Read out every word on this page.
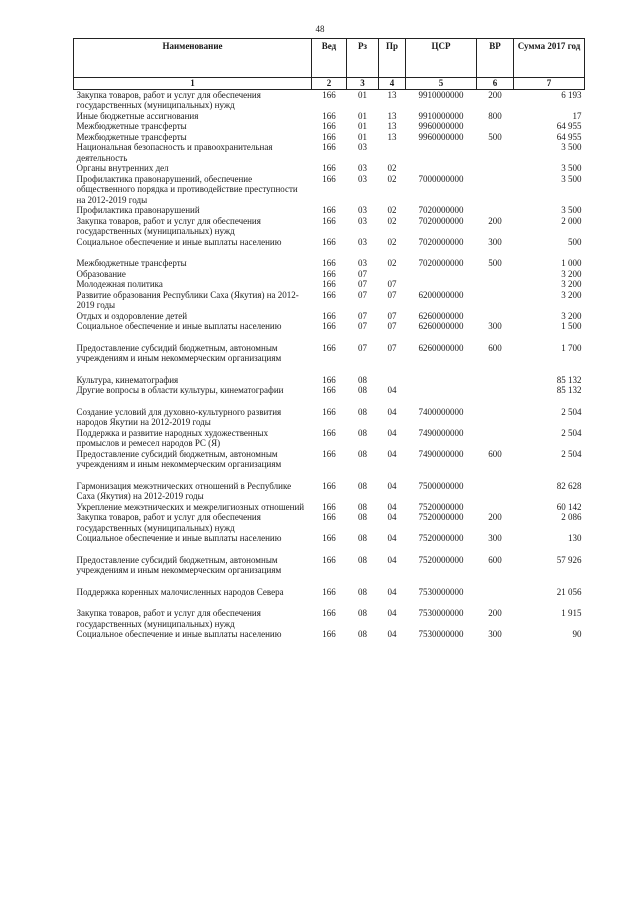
48
Наименование	Вед	Рз	Пр	ЦСР	ВР	Сумма 2017 год
1	2	3	4	5	6	7
Закупка товаров, работ и услуг для обеспечения государственных (муниципальных) нужд	166	01	13	9910000000	200	6 193
Иные бюджетные ассигнования	166	01	13	9910000000	800	17
Межбюджетные трансферты	166	01	13	9960000000		64 955
Межбюджетные трансферты	166	01	13	9960000000	500	64 955
Национальная безопасность и правоохранительная деятельность	166	03				3 500
Органы внутренних дел	166	03	02			3 500
Профилактика правонарушений, обеспечение общественного порядка и противодействие преступности на 2012-2019 годы	166	03	02	7000000000		3 500
Профилактика правонарушений	166	03	02	7020000000		3 500
Закупка товаров, работ и услуг для обеспечения государственных (муниципальных) нужд	166	03	02	7020000000	200	2 000
Социальное обеспечение и иные выплаты населению	166	03	02	7020000000	300	500

Межбюджетные трансферты	166	03	02	7020000000	500	1 000
Образование	166	07				3 200
Молодежная политика	166	07	07			3 200
Развитие образования Республики Саха (Якутия) на 2012-2019 годы	166	07	07	6200000000		3 200
Отдых и оздоровление детей	166	07	07	6260000000		3 200
Социальное обеспечение и иные выплаты населению	166	07	07	6260000000	300	1 500

Предоставление субсидий бюджетным, автономным учреждениям и иным некоммерческим организациям	166	07	07	6260000000	600	1 700

Культура, кинематография	166	08				85 132
Другие вопросы в области культуры, кинематографии	166	08	04			85 132

Создание условий для духовно-культурного развития народов Якутии на 2012-2019 годы	166	08	04	7400000000		2 504
Поддержка и развитие народных художественных промыслов и ремесел народов РС (Я)	166	08	04	7490000000		2 504
Предоставление субсидий бюджетным, автономным учреждениям и иным некоммерческим организациям	166	08	04	7490000000	600	2 504

Гармонизация межэтнических отношений в Республике Саха (Якутия) на 2012-2019 годы	166	08	04	7500000000		82 628
Укрепление межэтнических и межрелигиозных отношений	166	08	04	7520000000		60 142
Закупка товаров, работ и услуг для обеспечения государственных (муниципальных) нужд	166	08	04	7520000000	200	2 086
Социальное обеспечение и иные выплаты населению	166	08	04	7520000000	300	130

Предоставление субсидий бюджетным, автономным учреждениям и иным некоммерческим организациям	166	08	04	7520000000	600	57 926

Поддержка коренных малочисленных народов Севера	166	08	04	7530000000		21 056

Закупка товаров, работ и услуг для обеспечения государственных (муниципальных) нужд	166	08	04	7530000000	200	1 915
Социальное обеспечение и иные выплаты населению	166	08	04	7530000000	300	90
